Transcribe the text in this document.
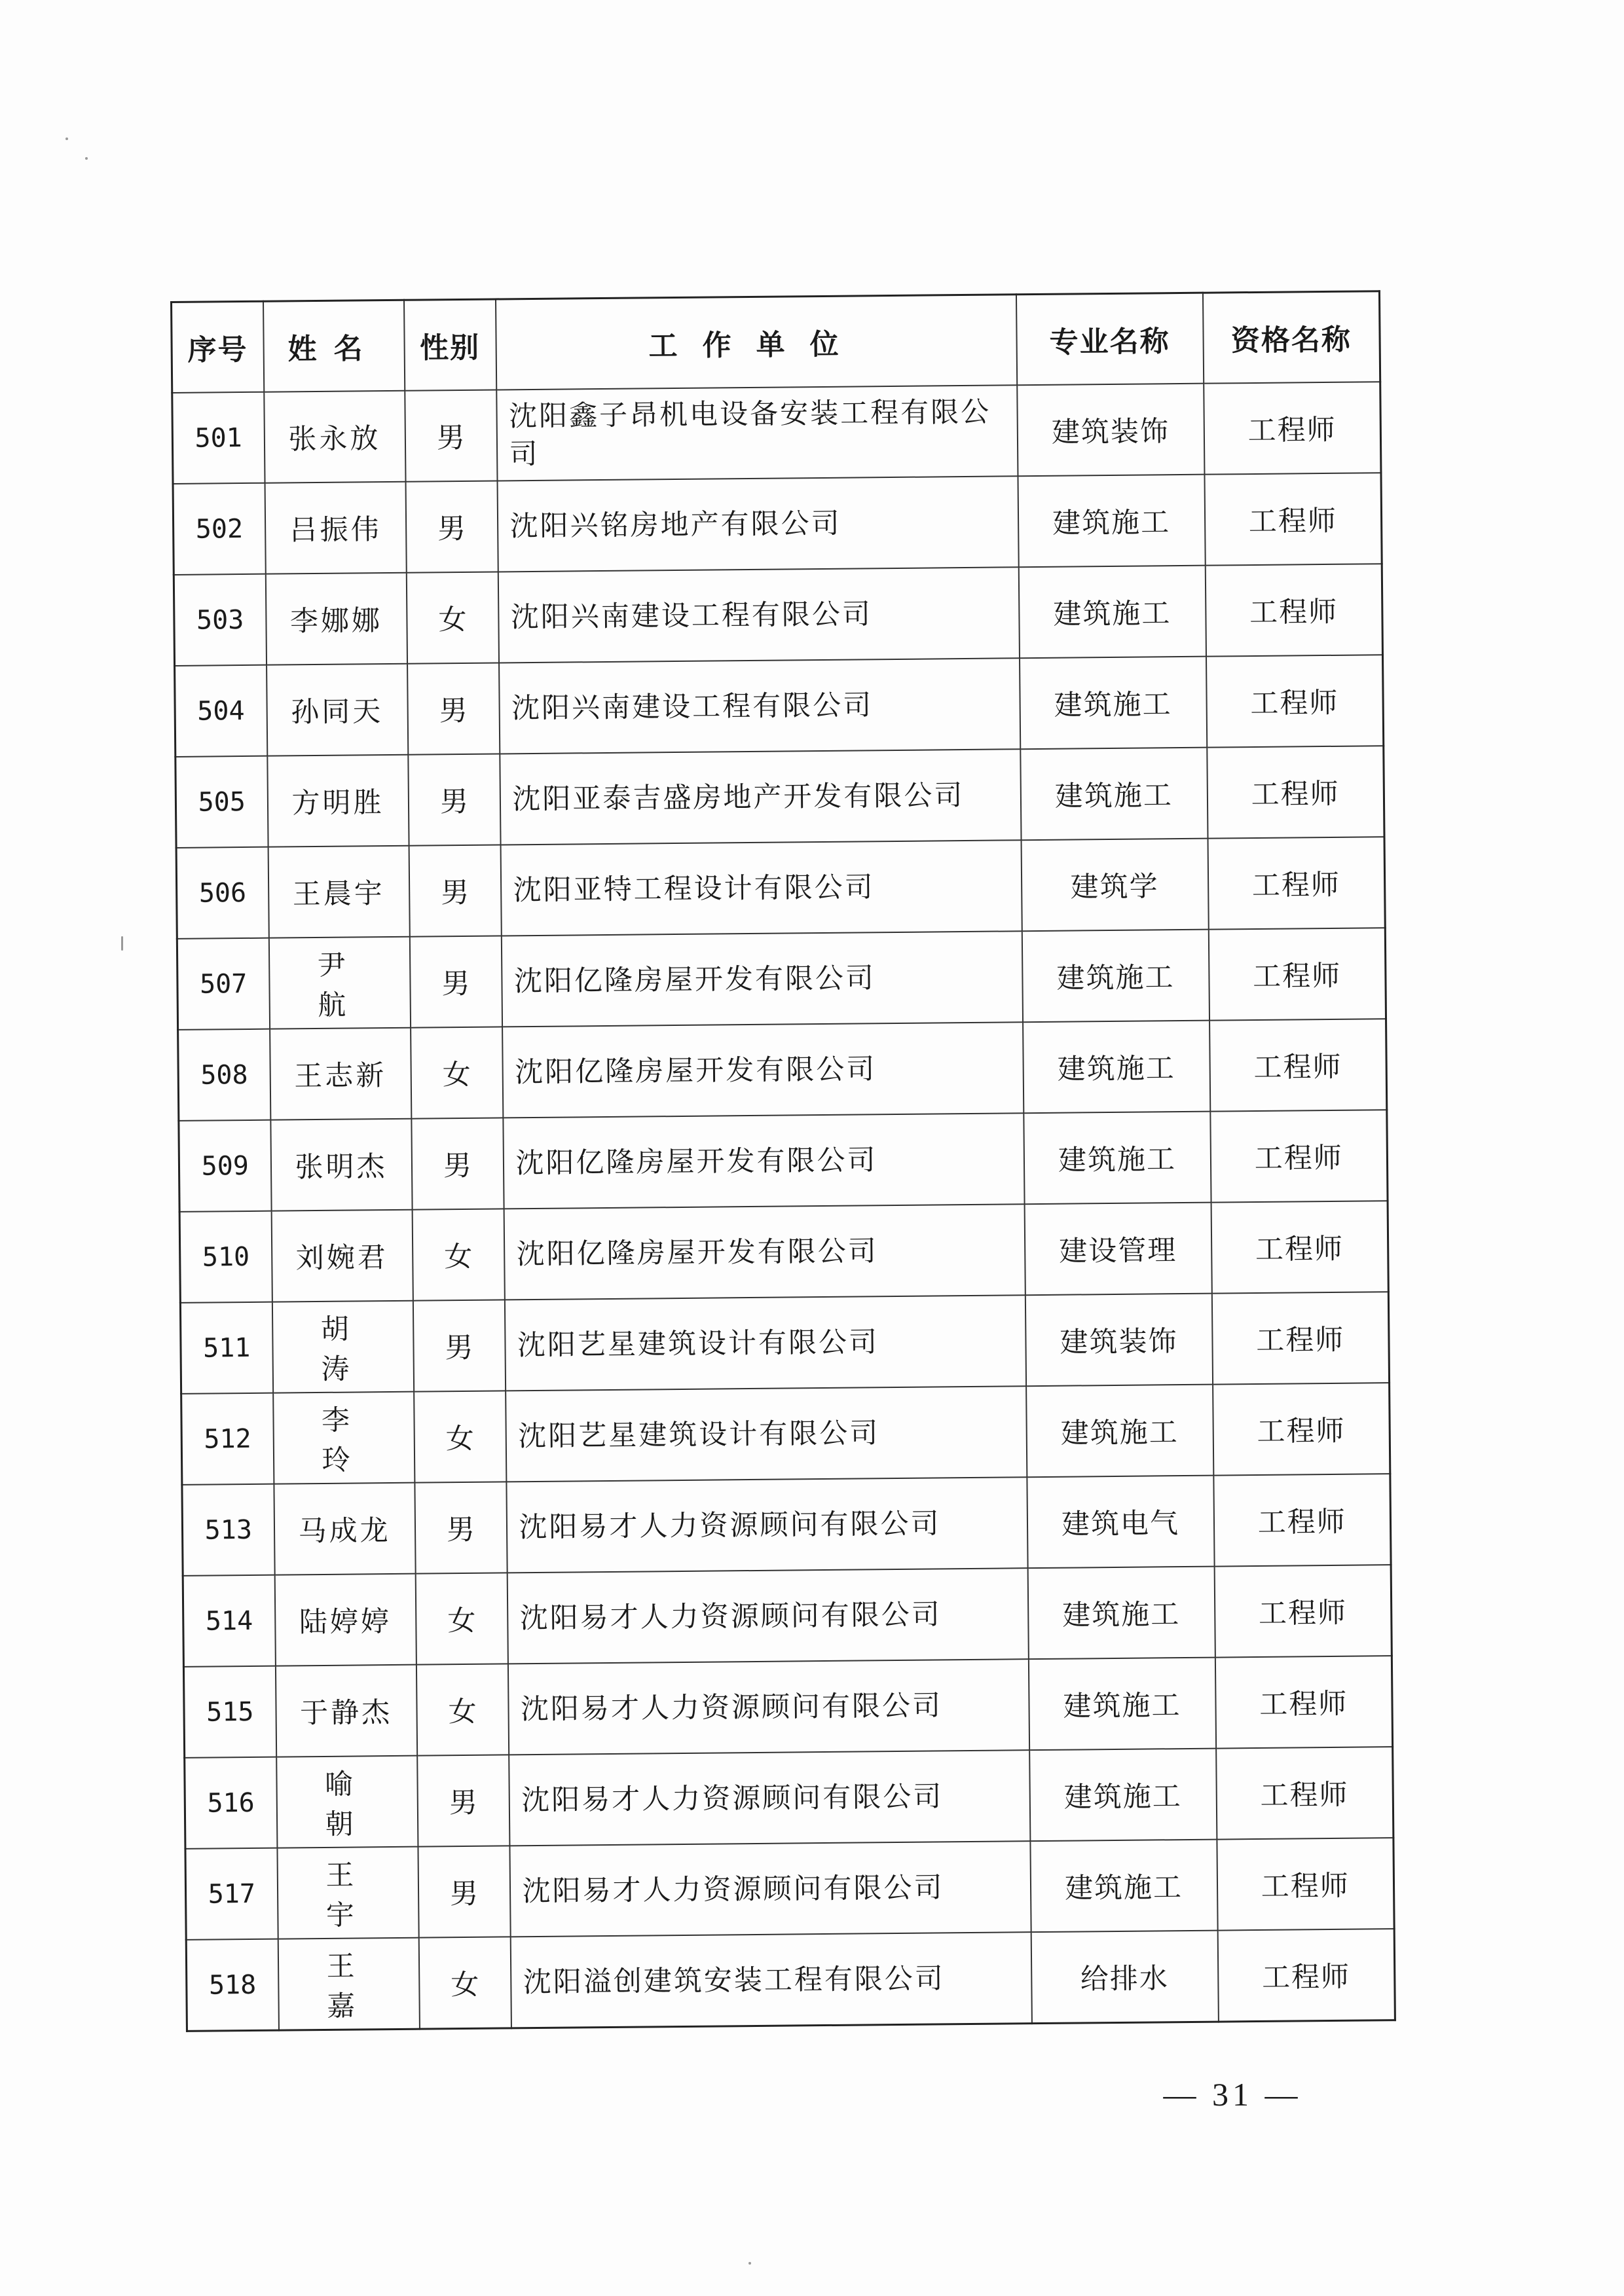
序号	姓名	性别	工作单位	专业名称	资格名称
501	张永放	男	沈阳鑫子昂机电设备安装工程有限公司	建筑装饰	工程师
502	吕振伟	男	沈阳兴铭房地产有限公司	建筑施工	工程师
503	李娜娜	女	沈阳兴南建设工程有限公司	建筑施工	工程师
504	孙同天	男	沈阳兴南建设工程有限公司	建筑施工	工程师
505	方明胜	男	沈阳亚泰吉盛房地产开发有限公司	建筑施工	工程师
506	王晨宇	男	沈阳亚特工程设计有限公司	建筑学	工程师
507	尹航	男	沈阳亿隆房屋开发有限公司	建筑施工	工程师
508	王志新	女	沈阳亿隆房屋开发有限公司	建筑施工	工程师
509	张明杰	男	沈阳亿隆房屋开发有限公司	建筑施工	工程师
510	刘婉君	女	沈阳亿隆房屋开发有限公司	建设管理	工程师
511	胡涛	男	沈阳艺星建筑设计有限公司	建筑装饰	工程师
512	李玲	女	沈阳艺星建筑设计有限公司	建筑施工	工程师
513	马成龙	男	沈阳易才人力资源顾问有限公司	建筑电气	工程师
514	陆婷婷	女	沈阳易才人力资源顾问有限公司	建筑施工	工程师
515	于静杰	女	沈阳易才人力资源顾问有限公司	建筑施工	工程师
516	喻朝	男	沈阳易才人力资源顾问有限公司	建筑施工	工程师
517	王宇	男	沈阳易才人力资源顾问有限公司	建筑施工	工程师
518	王嘉	女	沈阳溢创建筑安装工程有限公司	给排水	工程师
— 31 —
